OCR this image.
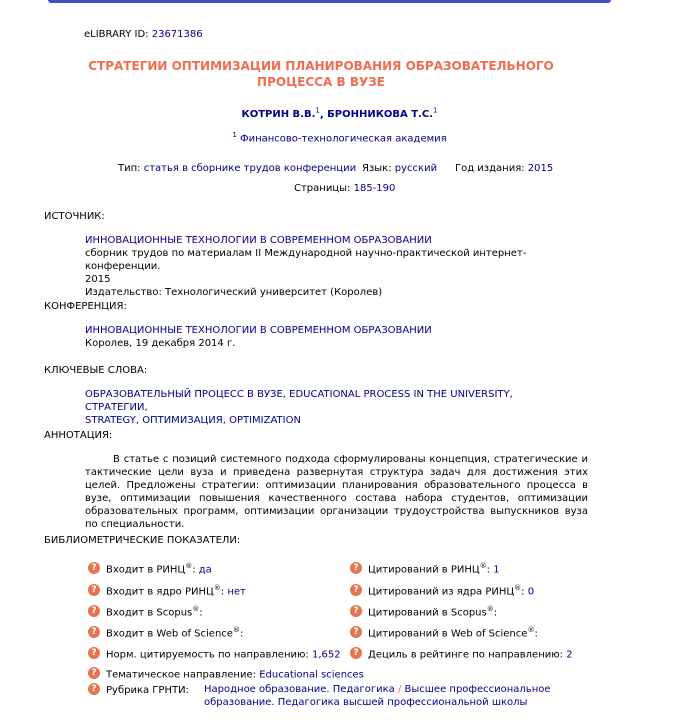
eLIBRARY ID: 23671386
СТРАТЕГИИ ОПТИМИЗАЦИИ ПЛАНИРОВАНИЯ ОБРАЗОВАТЕЛЬНОГО
ПРОЦЕССА В ВУЗЕ
КОТРИН В.В.$^1$, БРОННИКОВА Т.С.$^1$
$^1$ Финансово-технологическая академия
Тип: статья в сборнике трудов конференции Язык: русский Год издания: 2015
Страницы: 185-190
ИСТОЧНИК:
ИННОВАЦИОННЫЕ ТЕХНОЛОГИИ В СОВРЕМЕННОМ ОБРАЗОВАНИИ
сборник трудов по материалам II Международной научно-практической интернет-конференции.
2015
Издательство: Технологический университет (Королев)
КОНФЕРЕНЦИЯ:
ИННОВАЦИОННЫЕ ТЕХНОЛОГИИ В СОВРЕМЕННОМ ОБРАЗОВАНИИ
Королев, 19 декабря 2014 г.
КЛЮЧЕВЫЕ СЛОВА:
ОБРАЗОВАТЕЛЬНЫЙ ПРОЦЕСС В ВУЗЕ, EDUCATIONAL PROCESS IN THE UNIVERSITY, СТРАТЕГИИ,
STRATEGY, ОПТИМИЗАЦИЯ, OPTIMIZATION
АННОТАЦИЯ:
В статье с позиций системного подхода сформулированы концепция, стратегические и тактические цели вуза и приведена развернутая структура задач для достижения этих целей. Предложены стратегии: оптимизации планирования образовательного процесса в вузе, оптимизации повышения качественного состава набора студентов, оптимизации образовательных программ, оптимизации организации трудоустройства выпускников вуза по специальности.
БИБЛИОМЕТРИЧЕСКИЕ ПОКАЗАТЕЛИ:
? Входит в РИНЦ®: да
? Входит в ядро РИНЦ®: нет
? Входит в Scopus®:
? Входит в Web of Science®:
? Норм. цитируемость по направлению: 1,652
? Тематическое направление: Educational sciences
? Цитирований в РИНЦ®: 1
? Цитирований из ядра РИНЦ®: 0
? Цитирований в Scopus®:
? Цитирований в Web of Science®:
? Дециль в рейтинге по направлению: 2
? Рубрика ГРНТИ: Народное образование. Педагогика / Высшее профессиональное образование. Педагогика высшей профессиональной школы
